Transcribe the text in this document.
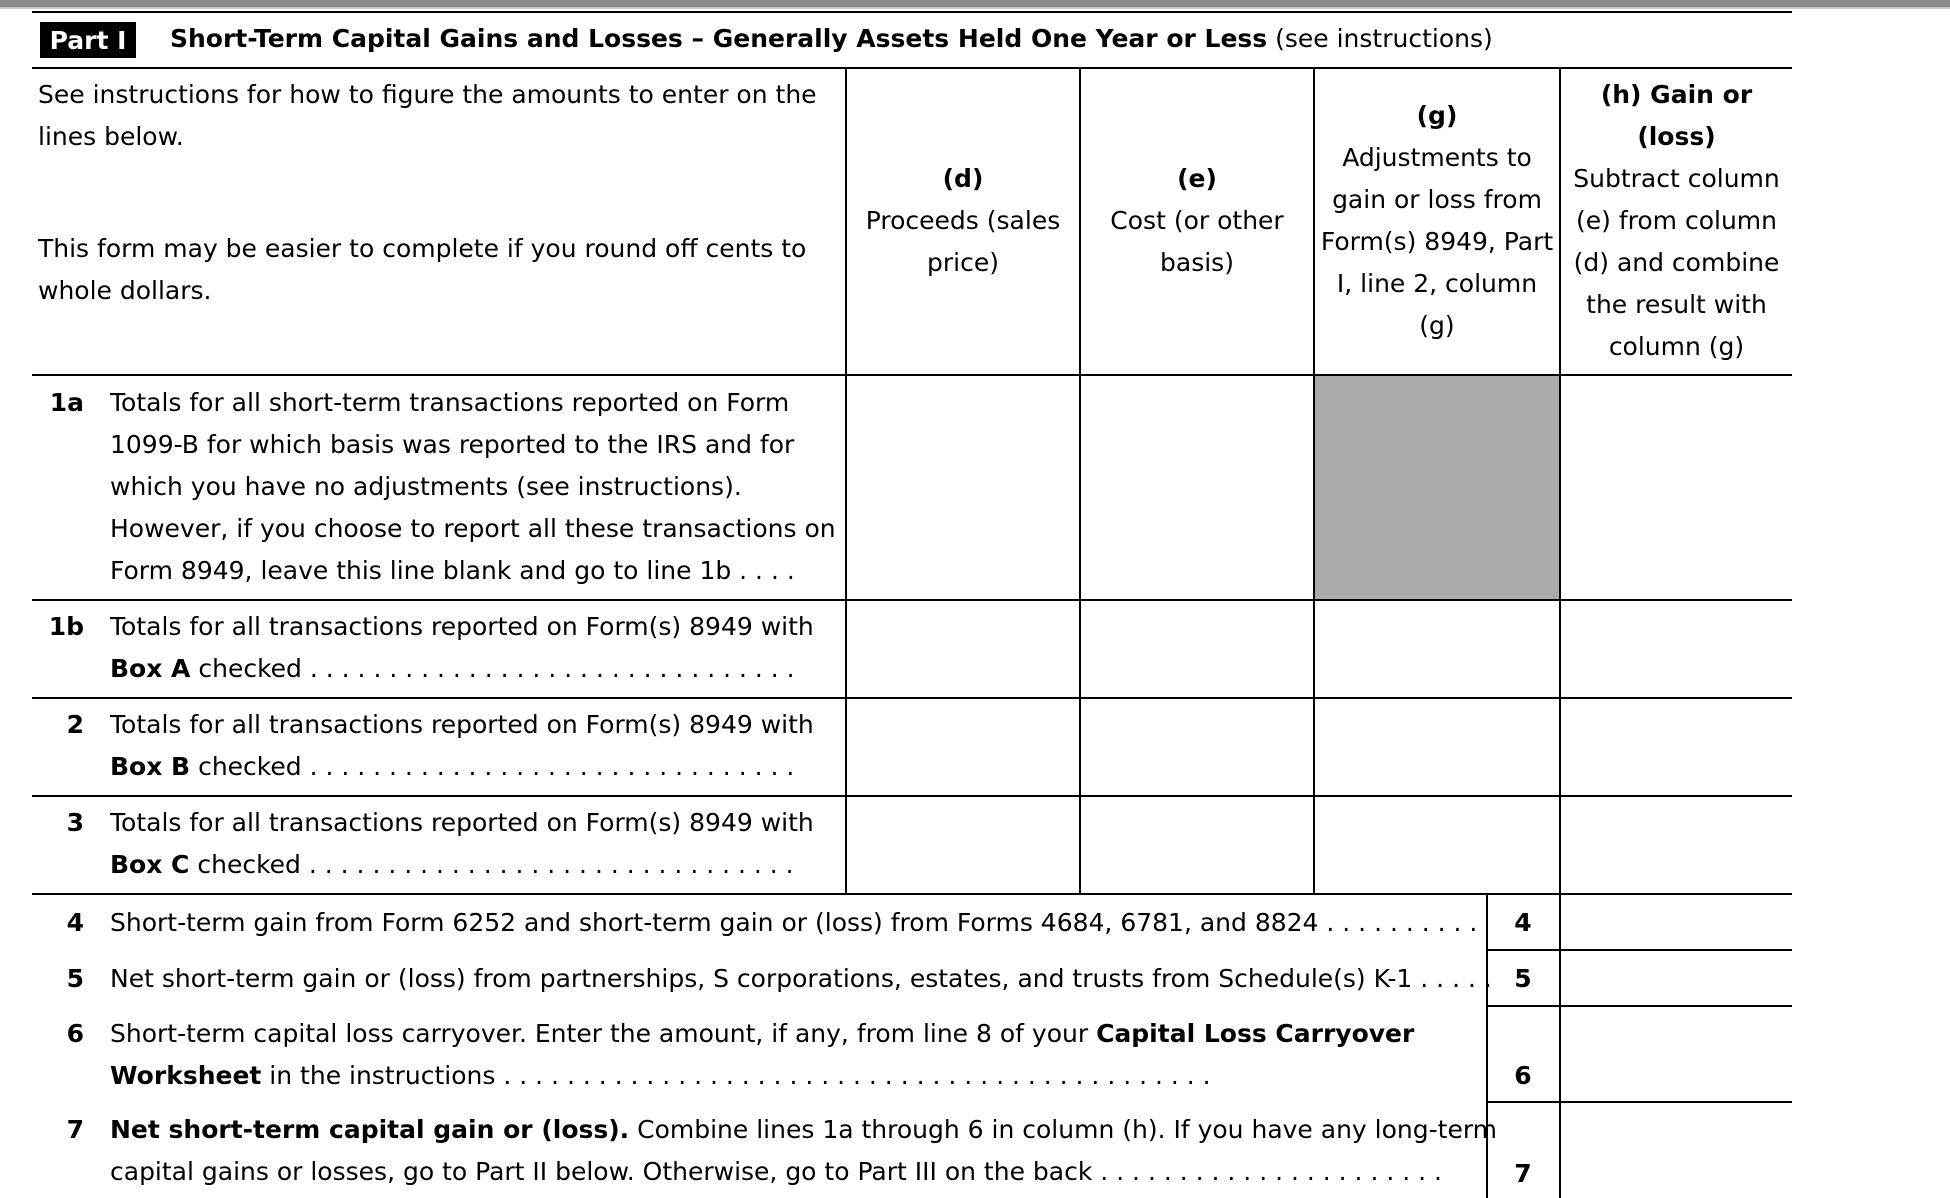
Part I	Short-Term Capital Gains and Losses – Generally Assets Held One Year or Less (see instructions)
See instructions for how to figure the amounts to enter on the
lines below.
This form may be easier to complete if you round off cents to
whole dollars.
(d)
Proceeds (sales
price)
(e)
Cost (or other
basis)
(g)
Adjustments to
gain or loss from
Form(s) 8949, Part
I, line 2, column
(g)
(h) Gain or
(loss)
Subtract column
(e) from column
(d) and combine
the result with
column (g)
1a Totals for all short-term transactions reported on Form
1099-B for which basis was reported to the IRS and for
which you have no adjustments (see instructions).
However, if you choose to report all these transactions on
Form 8949, leave this line blank and go to line 1b . . . .
1b Totals for all transactions reported on Form(s) 8949 with
Box A checked . . . . . . . . . . . . . . . . . . . . . . . . . . . . . . .
2 Totals for all transactions reported on Form(s) 8949 with
Box B checked . . . . . . . . . . . . . . . . . . . . . . . . . . . . . . .
3 Totals for all transactions reported on Form(s) 8949 with
Box C checked . . . . . . . . . . . . . . . . . . . . . . . . . . . . . . .
4 Short-term gain from Form 6252 and short-term gain or (loss) from Forms 4684, 6781, and 8824 . . . . . . . . . .	4
5 Net short-term gain or (loss) from partnerships, S corporations, estates, and trusts from Schedule(s) K-1 . . . . . 5
6 Short-term capital loss carryover. Enter the amount, if any, from line 8 of your Capital Loss Carryover
Worksheet in the instructions . . . . . . . . . . . . . . . . . . . . . . . . . . . . . . . . . . . . . . . . . . . . .	6
7 Net short-term capital gain or (loss). Combine lines 1a through 6 in column (h). If you have any long-term
capital gains or losses, go to Part II below. Otherwise, go to Part III on the back . . . . . . . . . . . . . . . . . . . . . .	7
